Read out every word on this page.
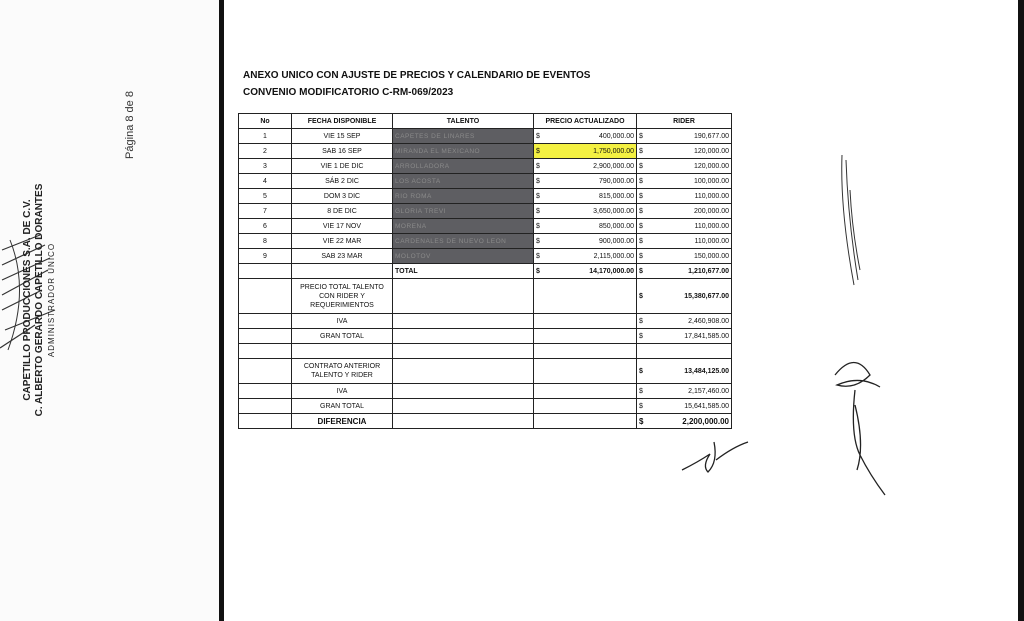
CAPETILLO PRODUCCIONES S.A. DE C.V. C. ALBERTO GERARDO CAPETILLO DORANTES ADMINISTRADOR ÚNICO
Página 8 de 8
ANEXO UNICO CON AJUSTE DE PRECIOS Y CALENDARIO DE EVENTOS
CONVENIO MODIFICATORIO C-RM-069/2023
No	FECHA DISPONIBLE	TALENTO	PRECIO ACTUALIZADO	RIDER
1	VIE 15 SEP	CAPETES DE LINARES	$ 400,000.00	$ 190,677.00

2	SAB 16 SEP	MIRANDA EL MEXICANO	$ 1,750,000.00	$ 120,000.00

3	VIE 1 DE DIC	ARROLLADORA	$ 2,900,000.00	$ 120,000.00

4	SÁB 2 DIC	LOS ACOSTA	$ 790,000.00	$ 100,000.00

5	DOM 3 DIC	RIO ROMA	$ 815,000.00	$ 110,000.00

7	8 DE DIC	GLORIA TREVI	$ 3,650,000.00	$ 200,000.00

6	VIE 17 NOV	MORENA	$ 850,000.00	$ 110,000.00

8	VIE 22 MAR	CARDENALES DE NUEVO LEON	$ 900,000.00	$ 110,000.00

9	SAB 23 MAR	MOLOTOV	$ 2,115,000.00	$ 150,000.00

		TOTAL	$ 14,170,000.00	$ 1,210,677.00

	PRECIO TOTAL TALENTO CON RIDER Y REQUERIMIENTOS			$ 15,380,677.00

	IVA			$ 2,460,908.00

	GRAN TOTAL			$ 17,841,585.00

	CONTRATO ANTERIOR TALENTO Y RIDER			$ 13,484,125.00

	IVA			$ 2,157,460.00

	GRAN TOTAL			$ 15,641,585.00

	DIFERENCIA			$ 2,200,000.00
